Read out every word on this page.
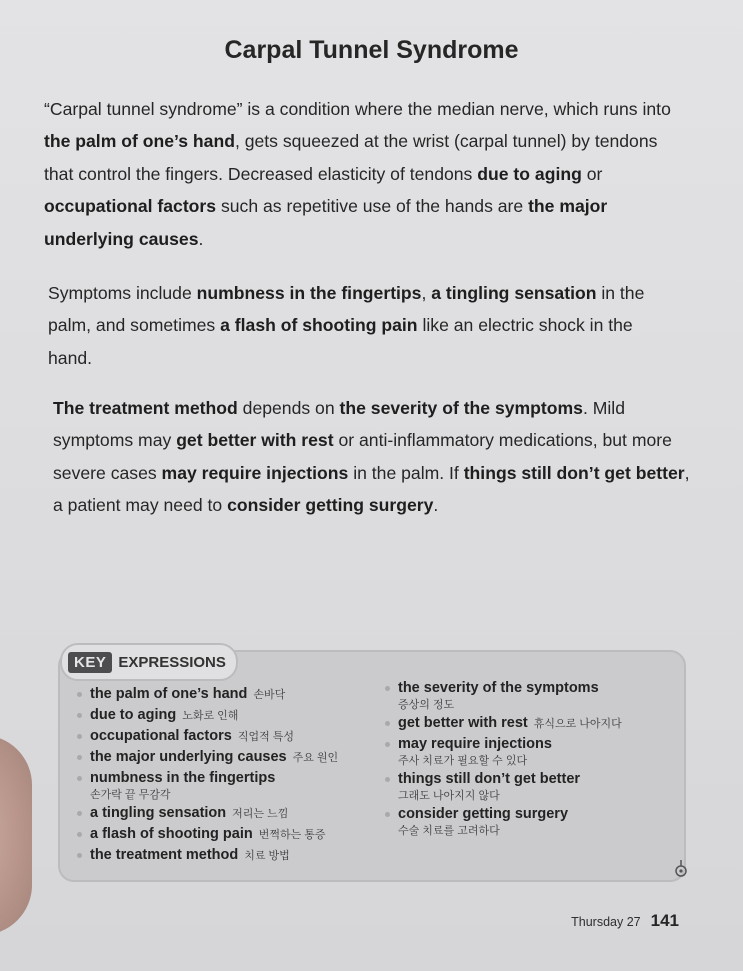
Carpal Tunnel Syndrome

“Carpal tunnel syndrome” is a condition where the median nerve, which runs into the palm of one’s hand, gets squeezed at the wrist (carpal tunnel) by tendons that control the fingers. Decreased elasticity of tendons due to aging or occupational factors such as repetitive use of the hands are the major underlying causes.

Symptoms include numbness in the fingertips, a tingling sensation in the palm, and sometimes a flash of shooting pain like an electric shock in the hand.

The treatment method depends on the severity of the symptoms. Mild symptoms may get better with rest or anti-inflammatory medications, but more severe cases may require injections in the palm. If things still don’t get better, a patient may need to consider getting surgery.

KEY EXPRESSIONS
the palm of one’s hand 손바닥
due to aging 노화로 인해
occupational factors 직업적 특성
the major underlying causes 주요 원인
numbness in the fingertips
손가락 끝 무감각
a tingling sensation 저리는 느낌
a flash of shooting pain 번쩍하는 통증
the treatment method 치료 방법
the severity of the symptoms
증상의 정도
get better with rest 휴식으로 나아지다
may require injections
주사 치료가 필요할 수 있다
things still don’t get better
그래도 나아지지 않다
consider getting surgery
수술 치료를 고려하다
Thursday 27 141
